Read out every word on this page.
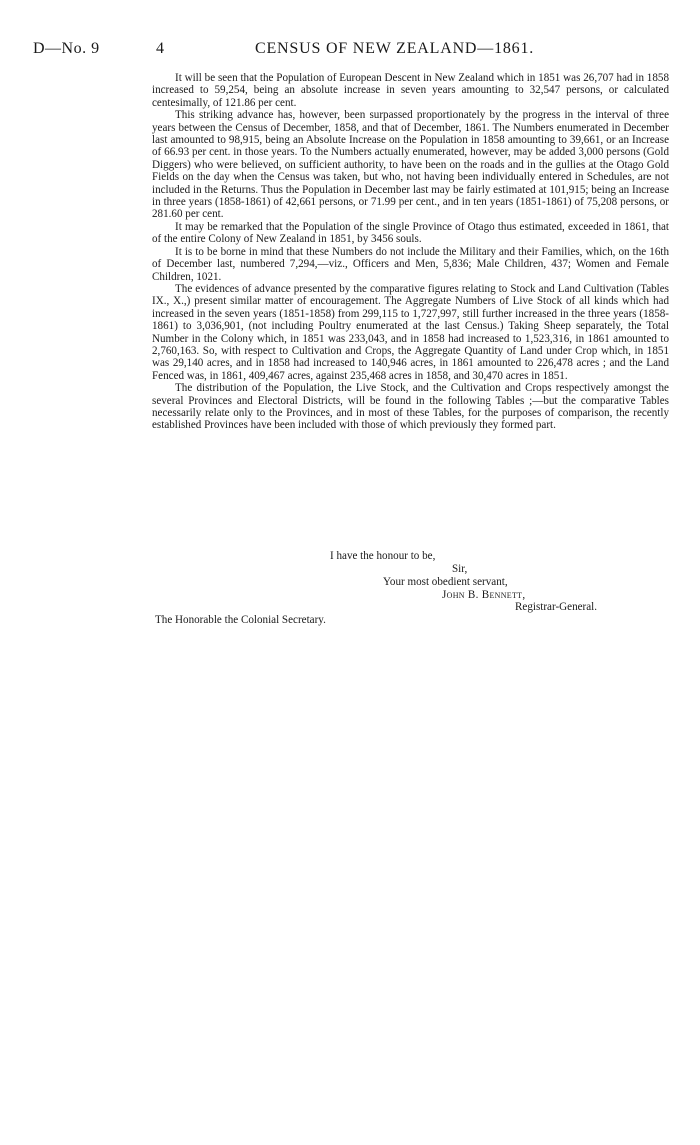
D—No. 9	4	CENSUS OF NEW ZEALAND—1861.

It will be seen that the Population of European Descent in New Zealand which in 1851 was 26,707 had in 1858 increased to 59,254, being an absolute increase in seven years amounting to 32,547 persons, or calculated centesimally, of 121.86 per cent.

This striking advance has, however, been surpassed proportionately by the progress in the interval of three years between the Census of December, 1858, and that of December, 1861. The Numbers enumerated in December last amounted to 98,915, being an Absolute Increase on the Population in 1858 amounting to 39,661, or an Increase of 66.93 per cent. in those years. To the Numbers actually enumerated, however, may be added 3,000 persons (Gold Diggers) who were believed, on sufficient authority, to have been on the roads and in the gullies at the Otago Gold Fields on the day when the Census was taken, but who, not having been individually entered in Schedules, are not included in the Returns. Thus the Population in December last may be fairly estimated at 101,915; being an Increase in three years (1858-1861) of 42,661 persons, or 71.99 per cent., and in ten years (1851-1861) of 75,208 persons, or 281.60 per cent.

It may be remarked that the Population of the single Province of Otago thus estimated, exceeded in 1861, that of the entire Colony of New Zealand in 1851, by 3456 souls.

It is to be borne in mind that these Numbers do not include the Military and their Families, which, on the 16th of December last, numbered 7,294,—viz., Officers and Men, 5,836; Male Children, 437; Women and Female Children, 1021.

The evidences of advance presented by the comparative figures relating to Stock and Land Cultivation (Tables IX., X.,) present similar matter of encouragement. The Aggregate Numbers of Live Stock of all kinds which had increased in the seven years (1851-1858) from 299,115 to 1,727,997, still further increased in the three years (1858-1861) to 3,036,901, (not including Poultry enumerated at the last Census.) Taking Sheep separately, the Total Number in the Colony which, in 1851 was 233,043, and in 1858 had increased to 1,523,316, in 1861 amounted to 2,760,163. So, with respect to Cultivation and Crops, the Aggregate Quantity of Land under Crop which, in 1851 was 29,140 acres, and in 1858 had increased to 140,946 acres, in 1861 amounted to 226,478 acres ; and the Land Fenced was, in 1861, 409,467 acres, against 235,468 acres in 1858, and 30,470 acres in 1851.

The distribution of the Population, the Live Stock, and the Cultivation and Crops respectively amongst the several Provinces and Electoral Districts, will be found in the following Tables ;—but the comparative Tables necessarily relate only to the Provinces, and in most of these Tables, for the purposes of comparison, the recently established Provinces have been included with those of which previously they formed part.

I have the honour to be,
Sir,
Your most obedient servant,
John B. Bennett,
Registrar-General.
The Honorable the Colonial Secretary.
